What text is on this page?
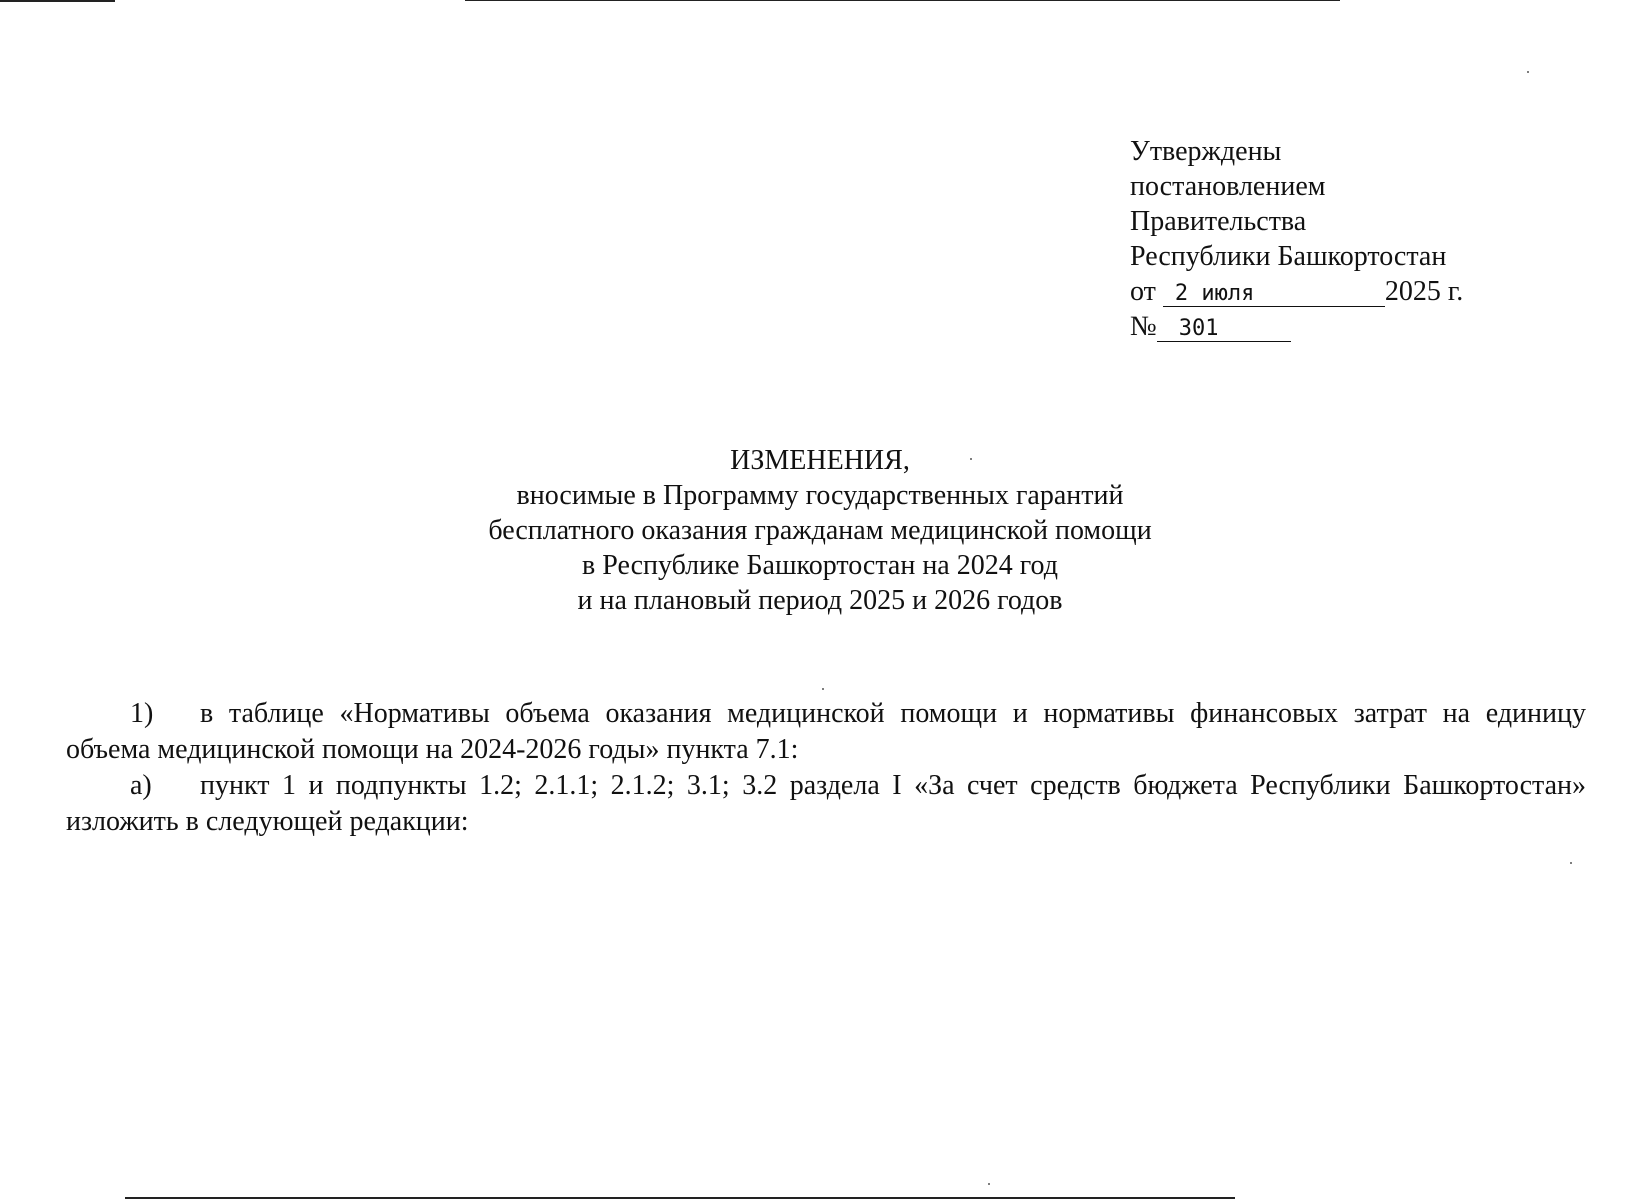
Утверждены
постановлением
Правительства
Республики Башкортостан
от 2 июля	2025 г.
№ 301
ИЗМЕНЕНИЯ,
вносимые в Программу государственных гарантий
бесплатного оказания гражданам медицинской помощи
в Республике Башкортостан на 2024 год
и на плановый период 2025 и 2026 годов
1) в таблице «Нормативы объема оказания медицинской помощи и нормативы финансовых затрат на единицу
объема медицинской помощи на 2024-2026 годы» пункта 7.1:
а) пункт 1 и подпункты 1.2; 2.1.1; 2.1.2; 3.1; 3.2 раздела I «За счет средств бюджета Республики Башкортостан»
изложить в следующей редакции:
